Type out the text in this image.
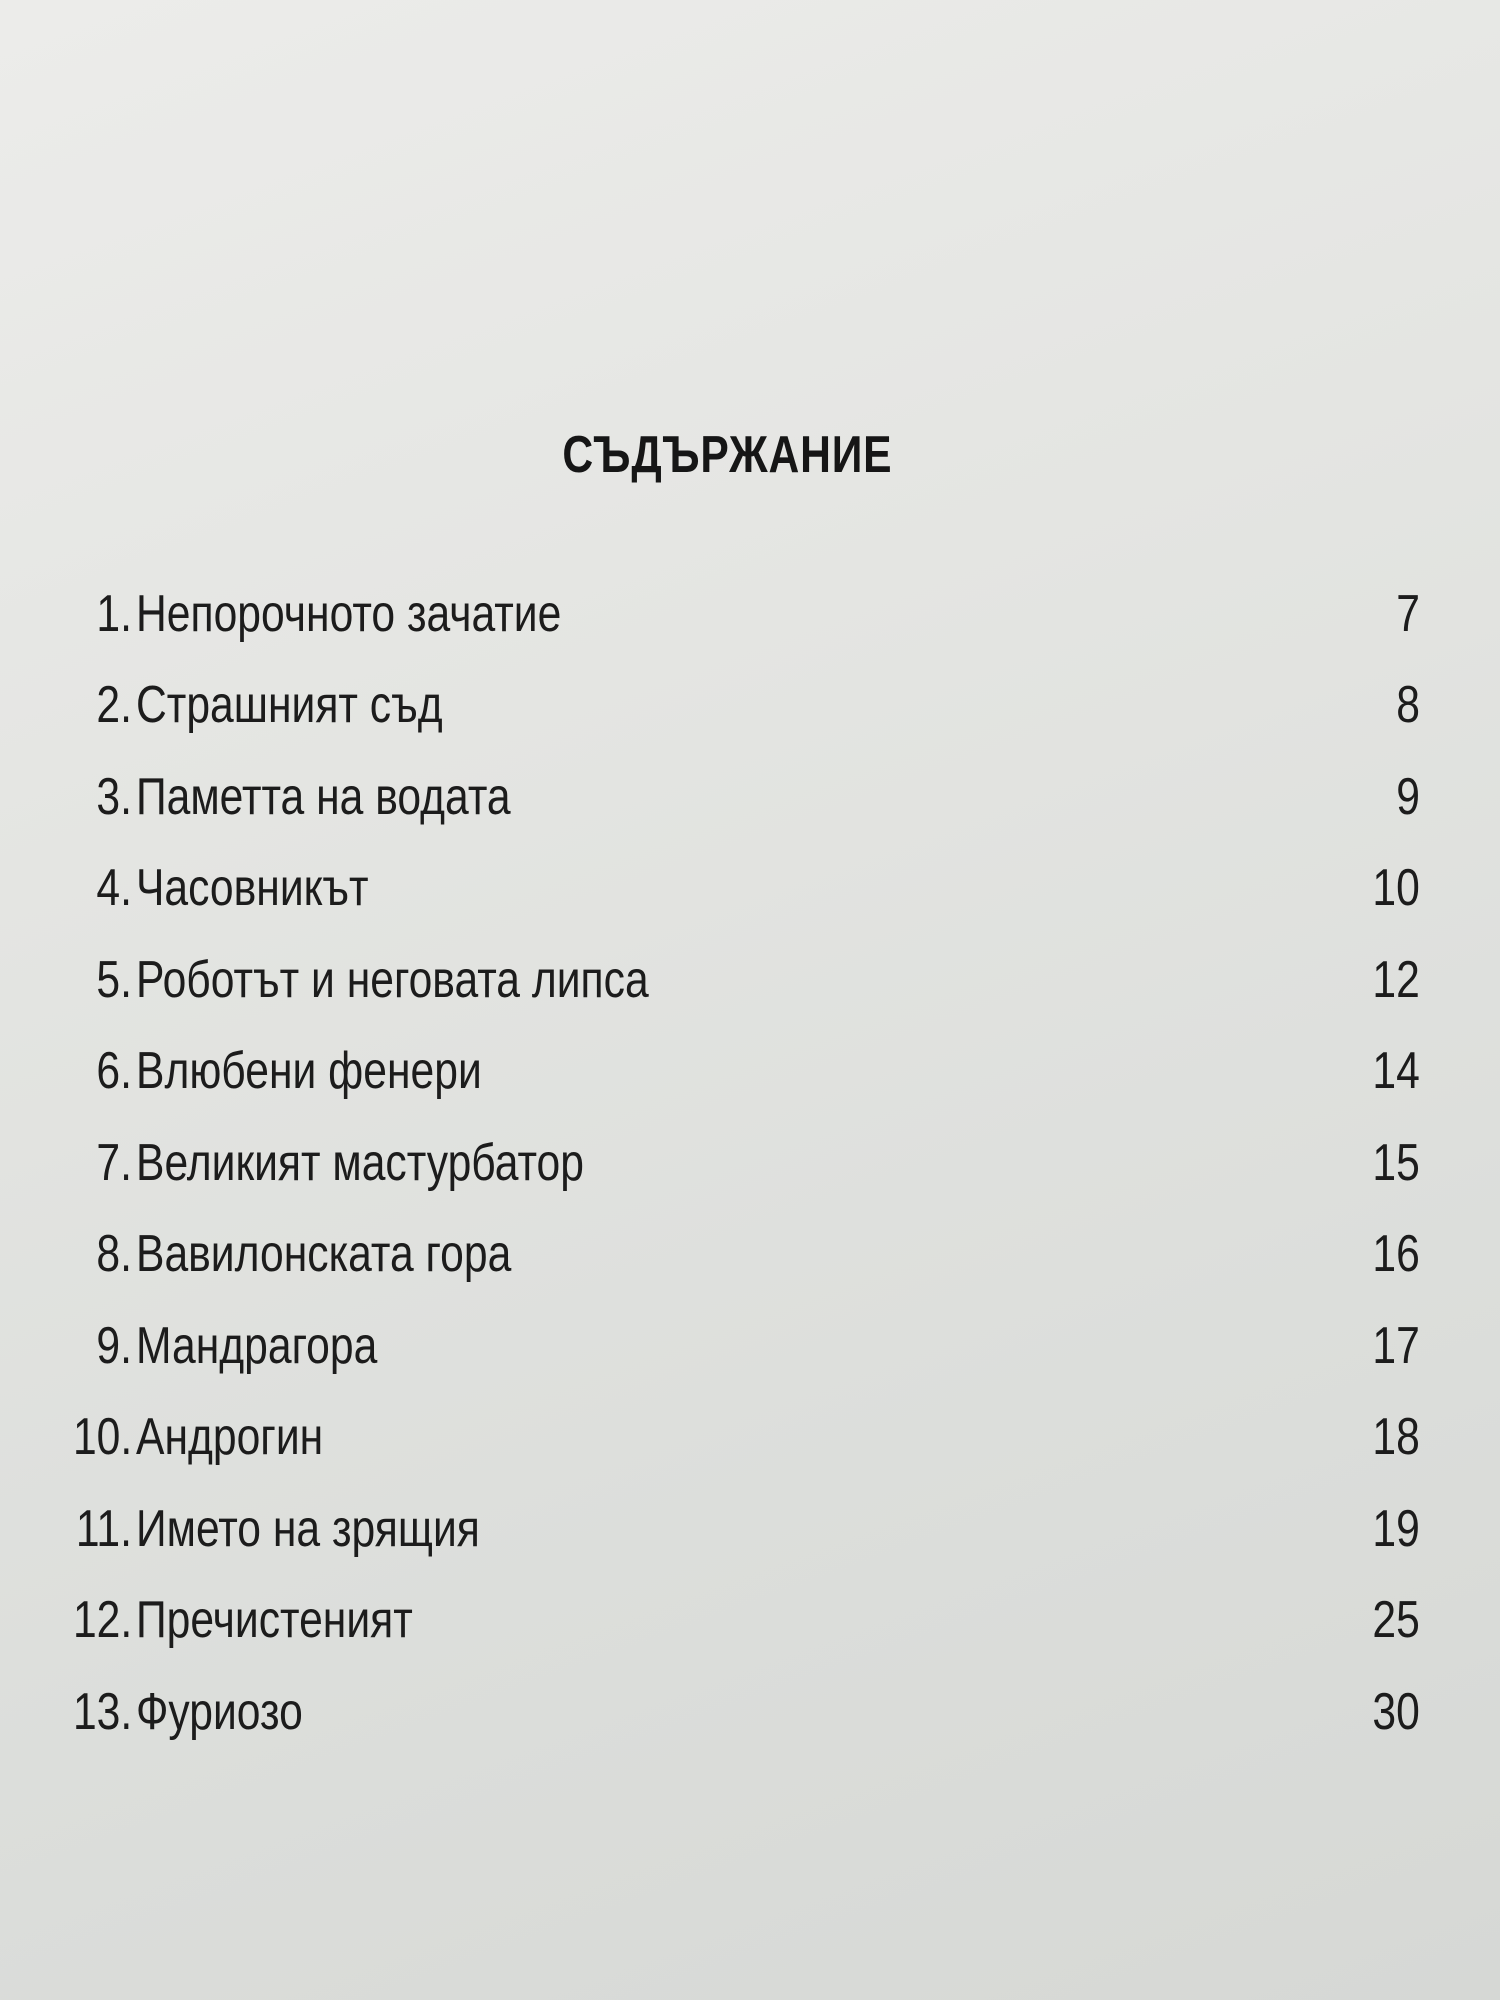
СЪДЪРЖАНИЕ
1. Непорочното зачатие	7
2. Страшният съд	8
3. Паметта на водата	9
4. Часовникът	10
5. Роботът и неговата липса	12
6. Влюбени фенери	14
7. Великият мастурбатор	15
8. Вавилонската гора	16
9. Мандрагора	17
10. Андрогин	18
11. Името на зрящия	19
12. Пречистеният	25
13. Фуриозо	30
